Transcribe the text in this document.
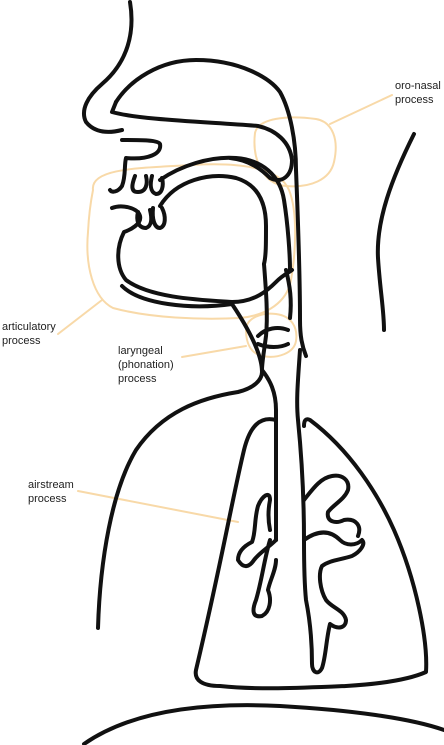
oro-nasal
process
articulatory
process
laryngeal
(phonation)
process
airstream
process
